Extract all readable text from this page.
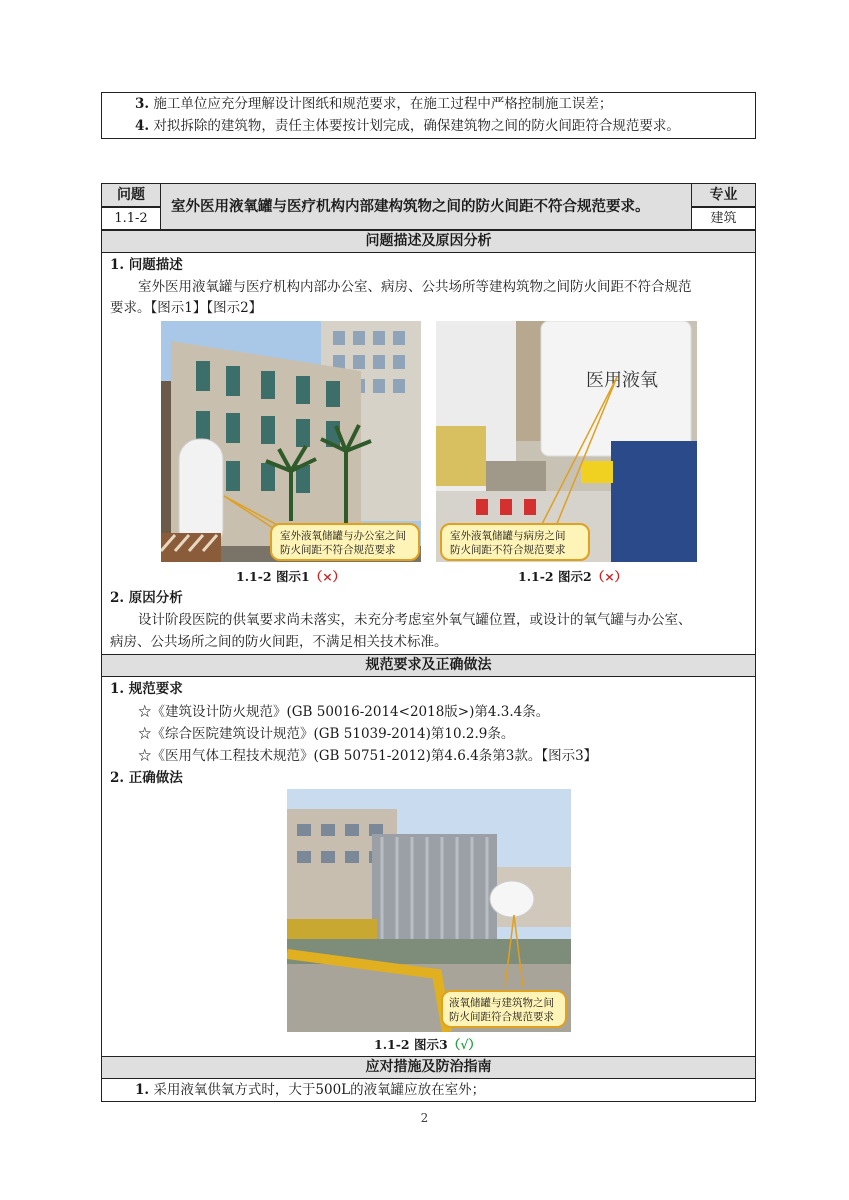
3. 施工单位应充分理解设计图纸和规范要求，在施工过程中严格控制施工误差；
4. 对拟拆除的建筑物，责任主体要按计划完成，确保建筑物之间的防火间距符合规范要求。
问题
1.1-2
室外医用液氧罐与医疗机构内部建构筑物之间的防火间距不符合规范要求。
专业
建筑
问题描述及原因分析
1. 问题描述
室外医用液氧罐与医疗机构内部办公室、病房、公共场所等建构筑物之间防火间距不符合规范
要求。【图示1】【图示2】
室外液氧储罐与办公室之间
防火间距不符合规范要求
1.1-2 图示1（×）
医用液氧
室外液氧储罐与病房之间
防火间距不符合规范要求
1.1-2 图示2（×）
2. 原因分析
设计阶段医院的供氧要求尚未落实，未充分考虑室外氧气罐位置，或设计的氧气罐与办公室、
病房、公共场所之间的防火间距，不满足相关技术标准。
规范要求及正确做法
1. 规范要求
☆《建筑设计防火规范》(GB 50016-2014<2018版>)第4.3.4条。
☆《综合医院建筑设计规范》(GB 51039-2014)第10.2.9条。
☆《医用气体工程技术规范》(GB 50751-2012)第4.6.4条第3款。【图示3】
2. 正确做法
液氧储罐与建筑物之间
防火间距符合规范要求
1.1-2 图示3（√）
应对措施及防治指南
1. 采用液氧供氧方式时，大于500L的液氧罐应放在室外；
2
